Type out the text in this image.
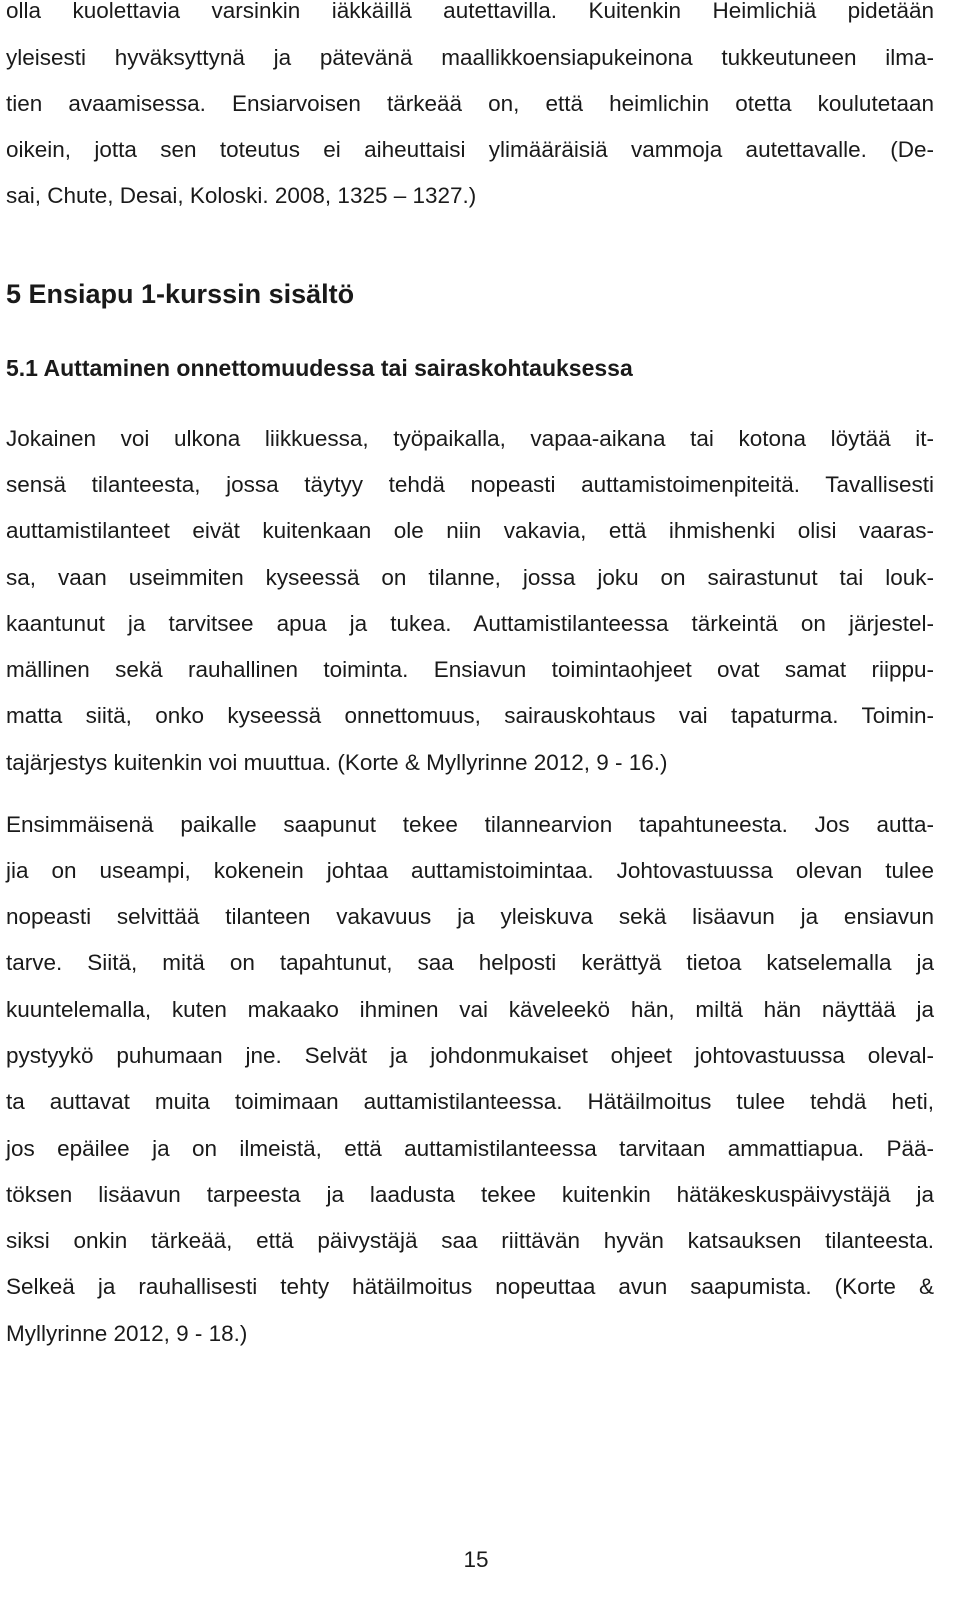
olla kuolettavia varsinkin iäkkäillä autettavilla. Kuitenkin Heimlichiä pidetään
yleisesti hyväksyttynä ja pätevänä maallikkoensiapukeinona tukkeutuneen ilma-
tien avaamisessa. Ensiarvoisen tärkeää on, että heimlichin otetta koulutetaan
oikein, jotta sen toteutus ei aiheuttaisi ylimääräisiä vammoja autettavalle. (De-
sai, Chute, Desai, Koloski. 2008, 1325 – 1327.)
5 Ensiapu 1-kurssin sisältö
5.1 Auttaminen onnettomuudessa tai sairaskohtauksessa
Jokainen voi ulkona liikkuessa, työpaikalla, vapaa-aikana tai kotona löytää it-
sensä tilanteesta, jossa täytyy tehdä nopeasti auttamistoimenpiteitä. Tavallisesti
auttamistilanteet eivät kuitenkaan ole niin vakavia, että ihmishenki olisi vaaras-
sa, vaan useimmiten kyseessä on tilanne, jossa joku on sairastunut tai louk-
kaantunut ja tarvitsee apua ja tukea. Auttamistilanteessa tärkeintä on järjestel-
mällinen sekä rauhallinen toiminta. Ensiavun toimintaohjeet ovat samat riippu-
matta siitä, onko kyseessä onnettomuus, sairauskohtaus vai tapaturma. Toimin-
tajärjestys kuitenkin voi muuttua. (Korte & Myllyrinne 2012, 9 - 16.)
Ensimmäisenä paikalle saapunut tekee tilannearvion tapahtuneesta. Jos autta-
jia on useampi, kokenein johtaa auttamistoimintaa. Johtovastuussa olevan tulee
nopeasti selvittää tilanteen vakavuus ja yleiskuva sekä lisäavun ja ensiavun
tarve. Siitä, mitä on tapahtunut, saa helposti kerättyä tietoa katselemalla ja
kuuntelemalla, kuten makaako ihminen vai käveleekö hän, miltä hän näyttää ja
pystyykö puhumaan jne. Selvät ja johdonmukaiset ohjeet johtovastuussa oleval-
ta auttavat muita toimimaan auttamistilanteessa. Hätäilmoitus tulee tehdä heti,
jos epäilee ja on ilmeistä, että auttamistilanteessa tarvitaan ammattiapua. Pää-
töksen lisäavun tarpeesta ja laadusta tekee kuitenkin hätäkeskuspäivystäjä ja
siksi onkin tärkeää, että päivystäjä saa riittävän hyvän katsauksen tilanteesta.
Selkeä ja rauhallisesti tehty hätäilmoitus nopeuttaa avun saapumista. (Korte &
Myllyrinne 2012, 9 - 18.)
15
